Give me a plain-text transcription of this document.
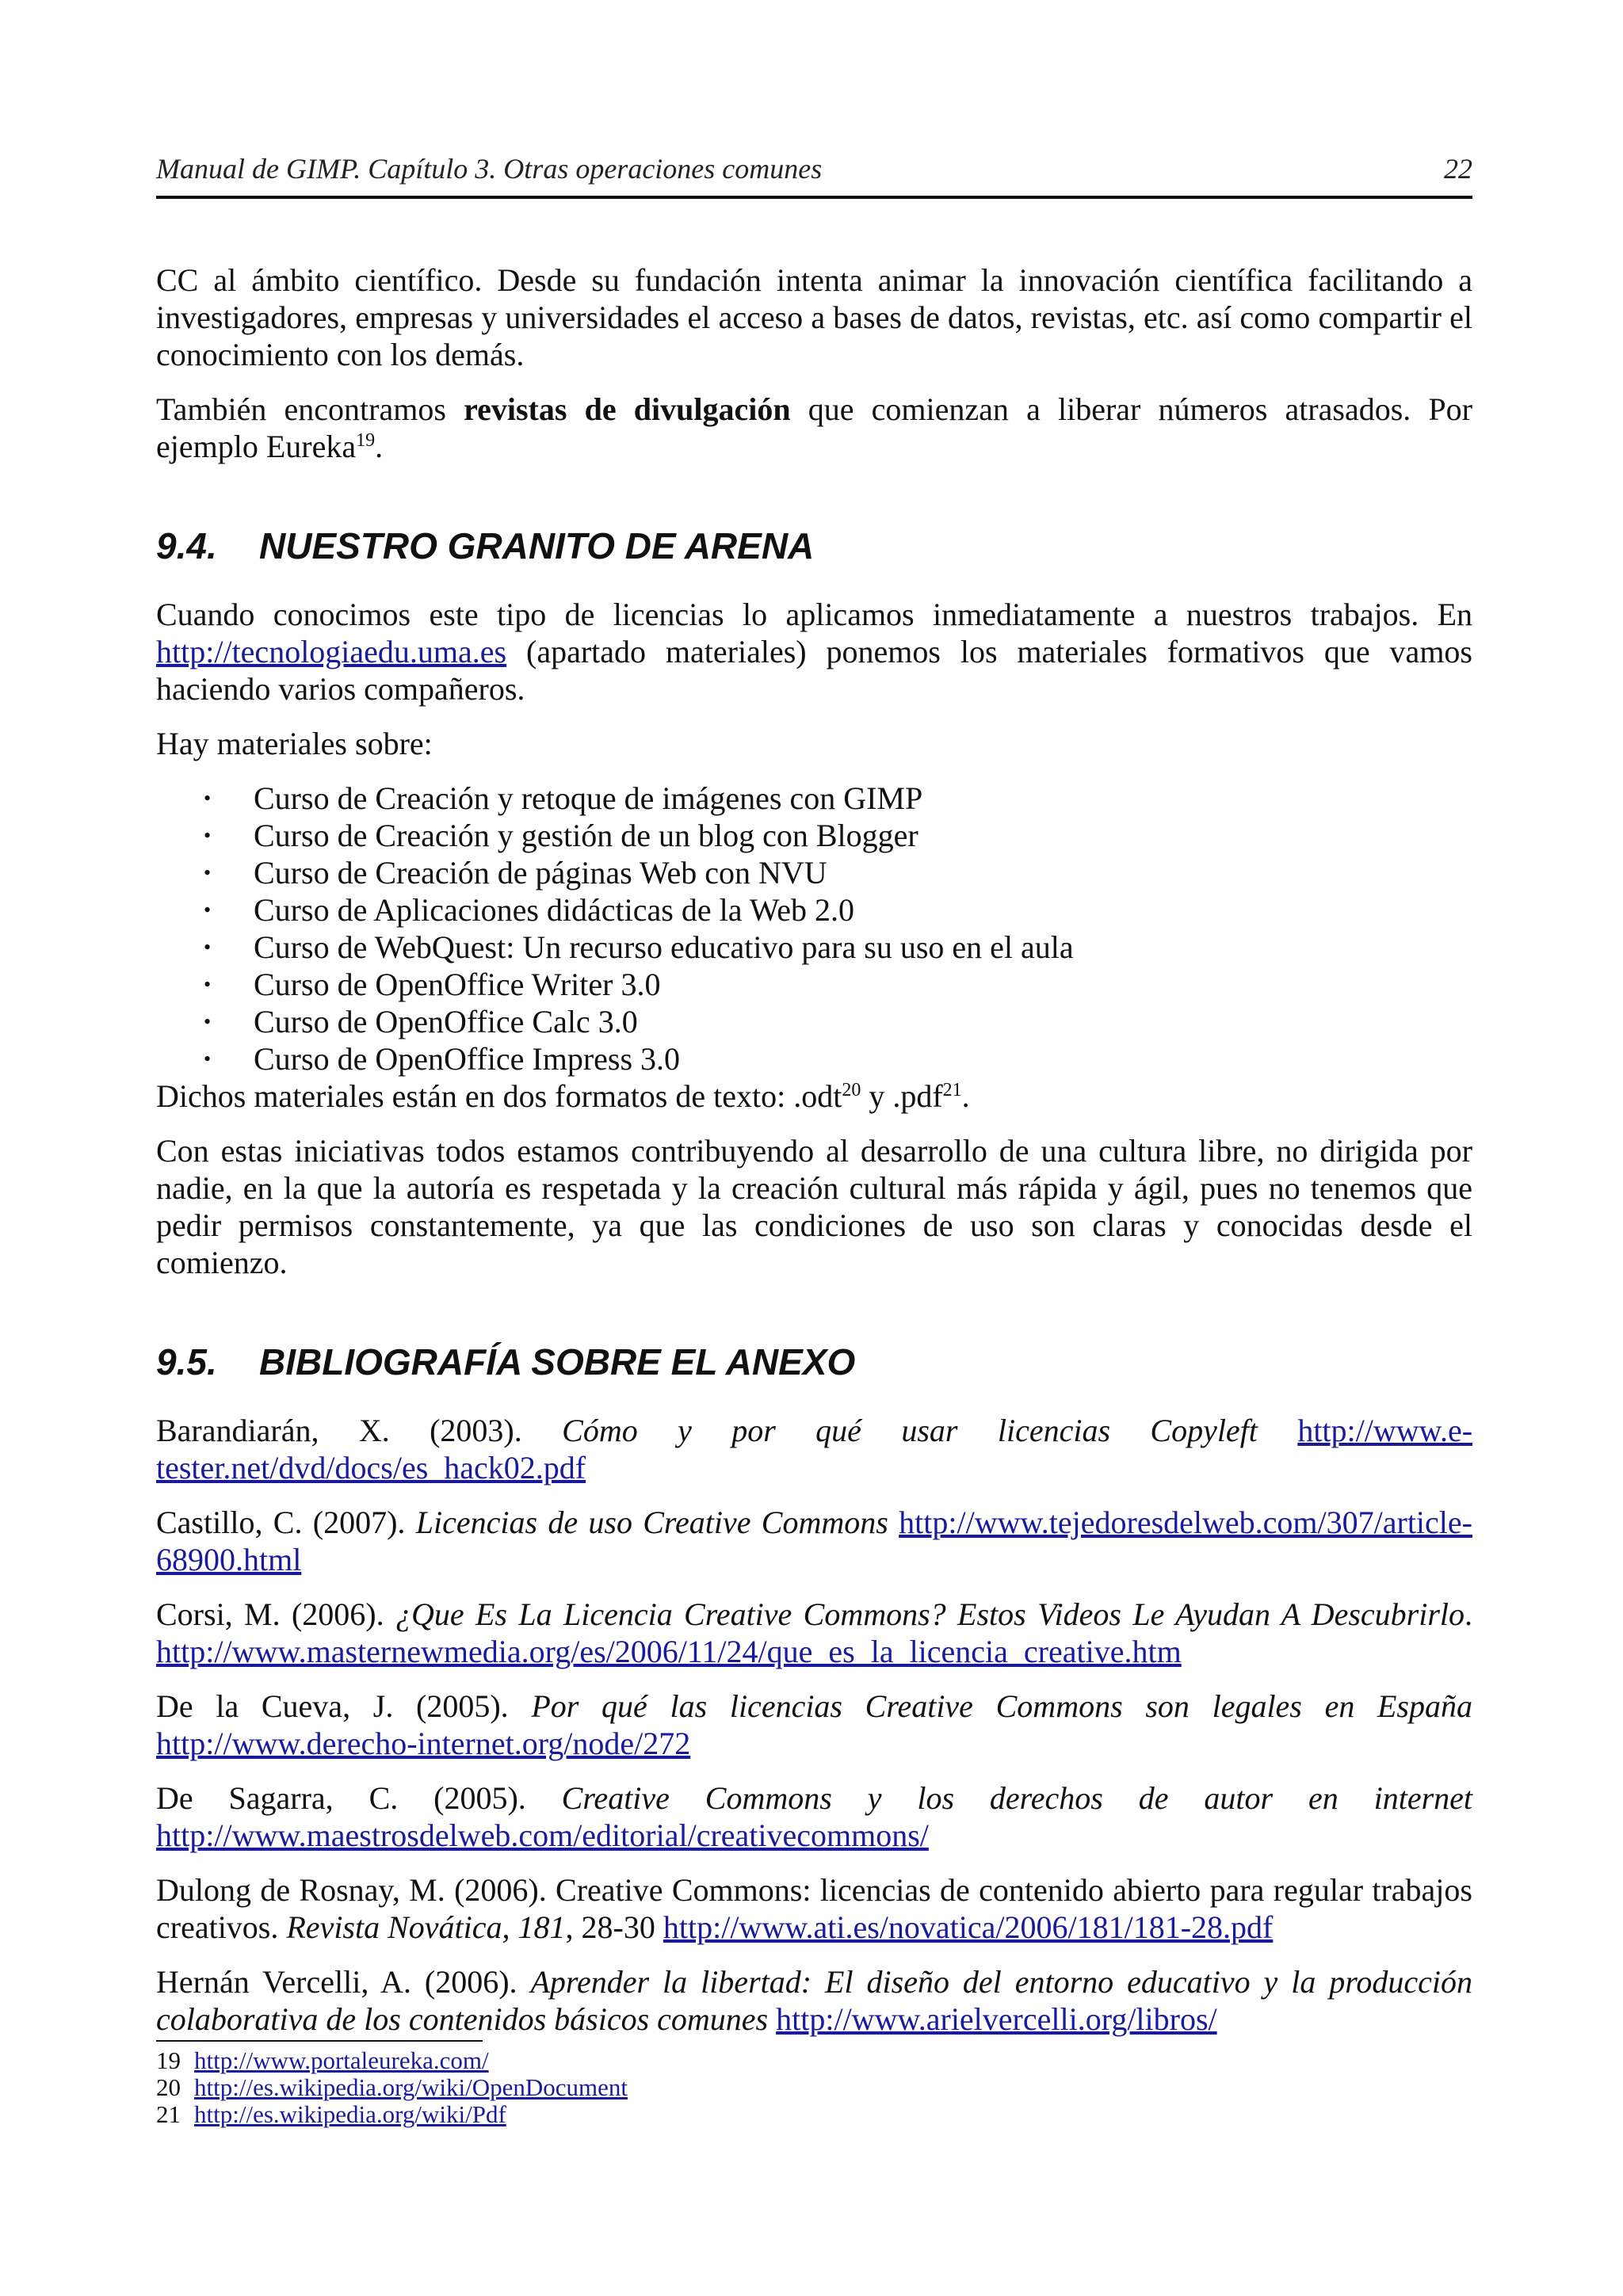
Manual de GIMP. Capítulo 3. Otras operaciones comunes	22

CC al ámbito científico. Desde su fundación intenta animar la innovación científica facilitando a investigadores, empresas y universidades el acceso a bases de datos, revistas, etc. así como compartir el conocimiento con los demás.

También encontramos revistas de divulgación que comienzan a liberar números atrasados. Por ejemplo Eureka$^{19}$.

9.4.	NUESTRO GRANITO DE ARENA

Cuando conocimos este tipo de licencias lo aplicamos inmediatamente a nuestros trabajos. En http://tecnologiaedu.uma.es (apartado materiales) ponemos los materiales formativos que vamos haciendo varios compañeros.

Hay materiales sobre:

• Curso de Creación y retoque de imágenes con GIMP
• Curso de Creación y gestión de un blog con Blogger
• Curso de Creación de páginas Web con NVU
• Curso de Aplicaciones didácticas de la Web 2.0
• Curso de WebQuest: Un recurso educativo para su uso en el aula
• Curso de OpenOffice Writer 3.0
• Curso de OpenOffice Calc 3.0
• Curso de OpenOffice Impress 3.0

Dichos materiales están en dos formatos de texto: .odt$^{20}$ y .pdf$^{21}$.

Con estas iniciativas todos estamos contribuyendo al desarrollo de una cultura libre, no dirigida por nadie, en la que la autoría es respetada y la creación cultural más rápida y ágil, pues no tenemos que pedir permisos constantemente, ya que las condiciones de uso son claras y conocidas desde el comienzo.

9.5.	BIBLIOGRAFÍA SOBRE EL ANEXO

Barandiarán, X. (2003). Cómo y por qué usar licencias Copyleft http://www.e-tester.net/dvd/docs/es_hack02.pdf

Castillo, C. (2007). Licencias de uso Creative Commons http://www.tejedoresdelweb.com/307/article-68900.html

Corsi, M. (2006). ¿Que Es La Licencia Creative Commons? Estos Videos Le Ayudan A Descubrirlo. http://www.masternewmedia.org/es/2006/11/24/que_es_la_licencia_creative.htm

De la Cueva, J. (2005). Por qué las licencias Creative Commons son legales en España http://www.derecho-internet.org/node/272

De Sagarra, C. (2005). Creative Commons y los derechos de autor en internet http://www.maestrosdelweb.com/editorial/creativecommons/

Dulong de Rosnay, M. (2006). Creative Commons: licencias de contenido abierto para regular trabajos creativos. Revista Novática, 181, 28-30 http://www.ati.es/novatica/2006/181/181-28.pdf

Hernán Vercelli, A. (2006). Aprender la libertad: El diseño del entorno educativo y la producción colaborativa de los contenidos básicos comunes http://www.arielvercelli.org/libros/

19 http://www.portaleureka.com/
20 http://es.wikipedia.org/wiki/OpenDocument
21 http://es.wikipedia.org/wiki/Pdf
